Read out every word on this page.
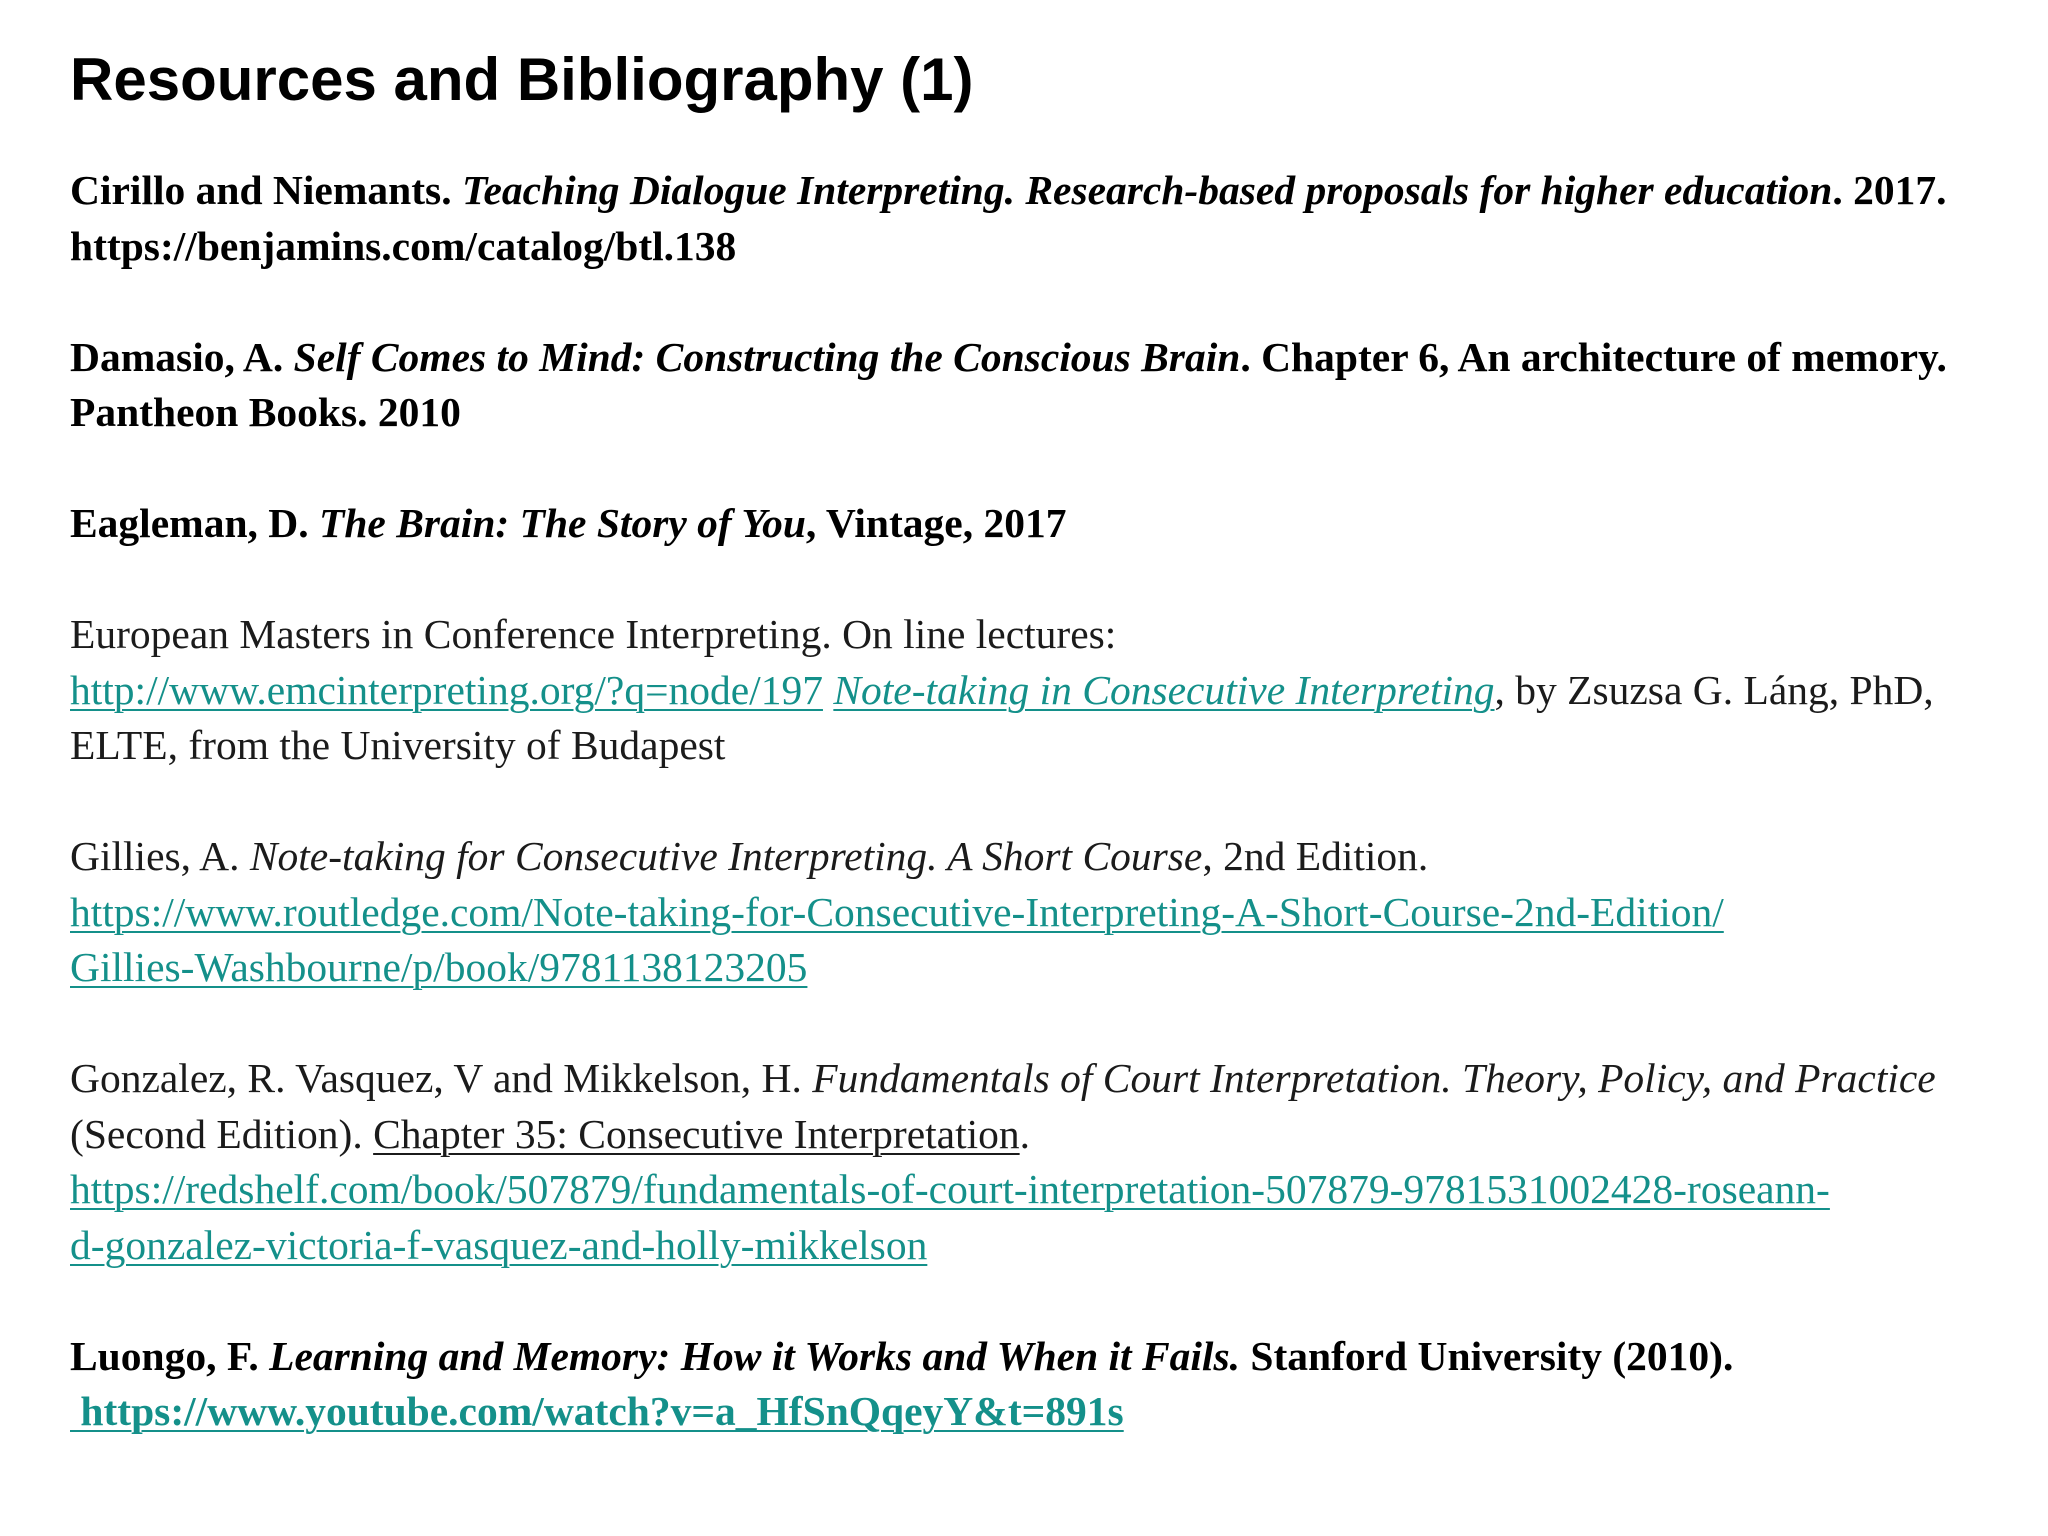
Resources and Bibliography (1)

Cirillo and Niemants. Teaching Dialogue Interpreting. Research-based proposals for higher education. 2017. https://benjamins.com/catalog/btl.138

Damasio, A. Self Comes to Mind: Constructing the Conscious Brain. Chapter 6, An architecture of memory. Pantheon Books. 2010

Eagleman, D. The Brain: The Story of You, Vintage, 2017

European Masters in Conference Interpreting. On line lectures:
http://www.emcinterpreting.org/?q=node/197 Note-taking in Consecutive Interpreting, by Zsuzsa G. Láng, PhD, ELTE, from the University of Budapest

Gillies, A. Note-taking for Consecutive Interpreting. A Short Course, 2nd Edition.
https://www.routledge.com/Note-taking-for-Consecutive-Interpreting-A-Short-Course-2nd-Edition/
Gillies-Washbourne/p/book/9781138123205

Gonzalez, R. Vasquez, V and Mikkelson, H. Fundamentals of Court Interpretation. Theory, Policy, and Practice (Second Edition). Chapter 35: Consecutive Interpretation.
https://redshelf.com/book/507879/fundamentals-of-court-interpretation-507879-9781531002428-roseann-
d-gonzalez-victoria-f-vasquez-and-holly-mikkelson

Luongo, F. Learning and Memory: How it Works and When it Fails. Stanford University (2010).
https://www.youtube.com/watch?v=a_HfSnQqeyY&t=891s
